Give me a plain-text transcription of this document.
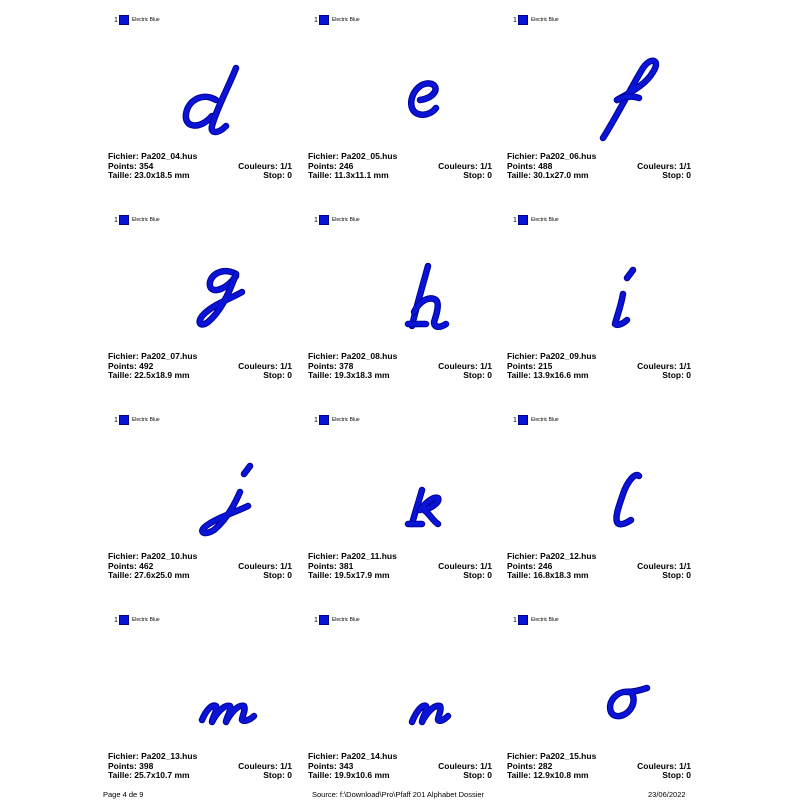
1	Electric Blue
Fichier: Pa202_04.hus
Points: 354	Couleurs: 1/1
Taille: 23.0x18.5 mm	Stop: 0
1	Electric Blue
Fichier: Pa202_05.hus
Points: 246	Couleurs: 1/1
Taille: 11.3x11.1 mm	Stop: 0
1	Electric Blue
Fichier: Pa202_06.hus
Points: 488	Couleurs: 1/1
Taille: 30.1x27.0 mm	Stop: 0
1	Electric Blue
Fichier: Pa202_07.hus
Points: 492	Couleurs: 1/1
Taille: 22.5x18.9 mm	Stop: 0
1	Electric Blue
Fichier: Pa202_08.hus
Points: 378	Couleurs: 1/1
Taille: 19.3x18.3 mm	Stop: 0
1	Electric Blue
Fichier: Pa202_09.hus
Points: 215	Couleurs: 1/1
Taille: 13.9x16.6 mm	Stop: 0
1	Electric Blue
Fichier: Pa202_10.hus
Points: 462	Couleurs: 1/1
Taille: 27.6x25.0 mm	Stop: 0
1	Electric Blue
Fichier: Pa202_11.hus
Points: 381	Couleurs: 1/1
Taille: 19.5x17.9 mm	Stop: 0
1	Electric Blue
Fichier: Pa202_12.hus
Points: 246	Couleurs: 1/1
Taille: 16.8x18.3 mm	Stop: 0
1	Electric Blue
Fichier: Pa202_13.hus
Points: 398	Couleurs: 1/1
Taille: 25.7x10.7 mm	Stop: 0
1	Electric Blue
Fichier: Pa202_14.hus
Points: 343	Couleurs: 1/1
Taille: 19.9x10.6 mm	Stop: 0
1	Electric Blue
Fichier: Pa202_15.hus
Points: 282	Couleurs: 1/1
Taille: 12.9x10.8 mm	Stop: 0
Page 4 de 9	Source: f:\Download\Pro\Pfaff 201 Alphabet Dossier	23/06/2022
